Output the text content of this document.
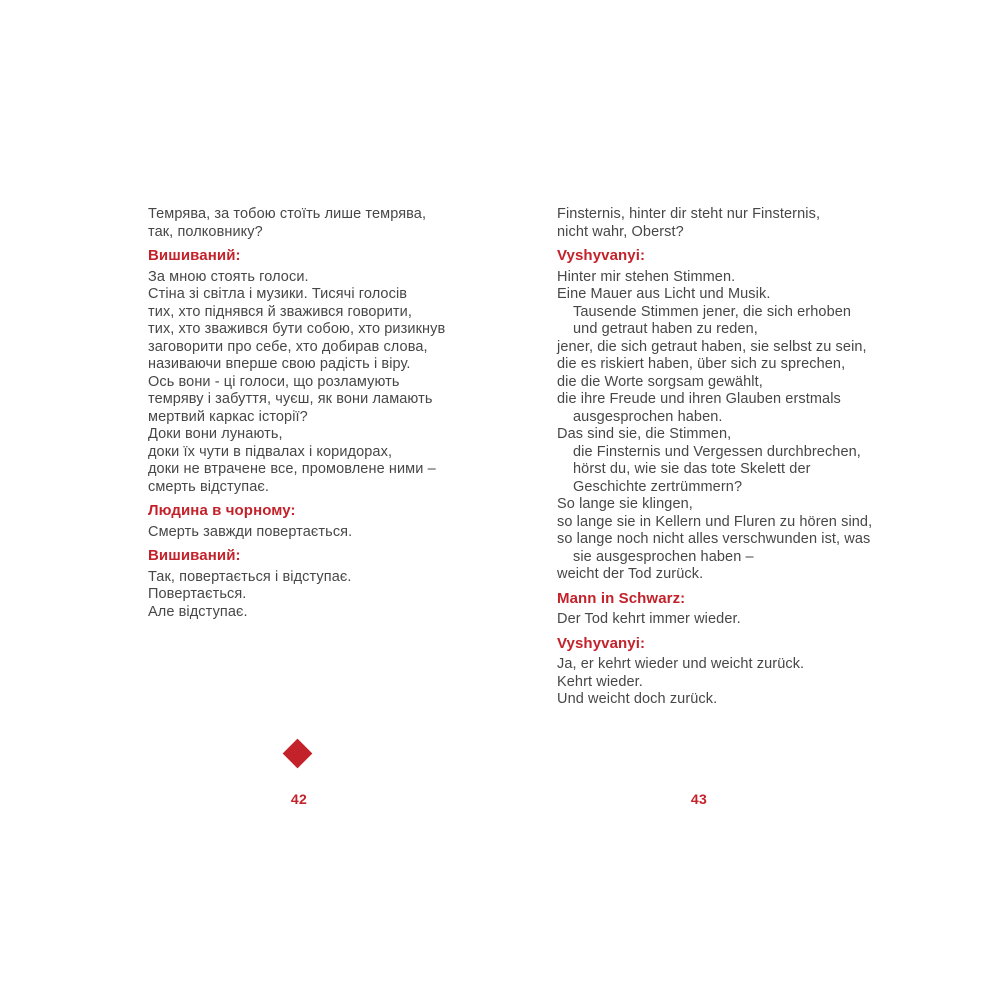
Темрява, за тобою стоїть лише темрява,
так, полковнику?
Вишиваний:
За мною стоять голоси.
Стіна зі світла і музики. Тисячі голосів
тих, хто піднявся й зважився говорити,
тих, хто зважився бути собою, хто ризикнув
заговорити про себе, хто добирав слова,
називаючи вперше свою радість і віру.
Ось вони - ці голоси, що розламують
темряву і забуття, чуєш, як вони ламають
мертвий каркас історії?
Доки вони лунають,
доки їх чути в підвалах і коридорах,
доки не втрачене все, промовлене ними –
смерть відступає.
Людина в чорному:
Смерть завжди повертається.
Вишиваний:
Так, повертається і відступає.
Повертається.
Але відступає.
Finsternis, hinter dir steht nur Finsternis,
nicht wahr, Oberst?
Vyshyvanyi:
Hinter mir stehen Stimmen.
Eine Mauer aus Licht und Musik.
Tausende Stimmen jener, die sich erhoben
und getraut haben zu reden,
jener, die sich getraut haben, sie selbst zu sein,
die es riskiert haben, über sich zu sprechen,
die die Worte sorgsam gewählt,
die ihre Freude und ihren Glauben erstmals
ausgesprochen haben.
Das sind sie, die Stimmen,
die Finsternis und Vergessen durchbrechen,
hörst du, wie sie das tote Skelett der
Geschichte zertrümmern?
So lange sie klingen,
so lange sie in Kellern und Fluren zu hören sind,
so lange noch nicht alles verschwunden ist, was
sie ausgesprochen haben –
weicht der Tod zurück.
Mann in Schwarz:
Der Tod kehrt immer wieder.
Vyshyvanyi:
Ja, er kehrt wieder und weicht zurück.
Kehrt wieder.
Und weicht doch zurück.
42	43
